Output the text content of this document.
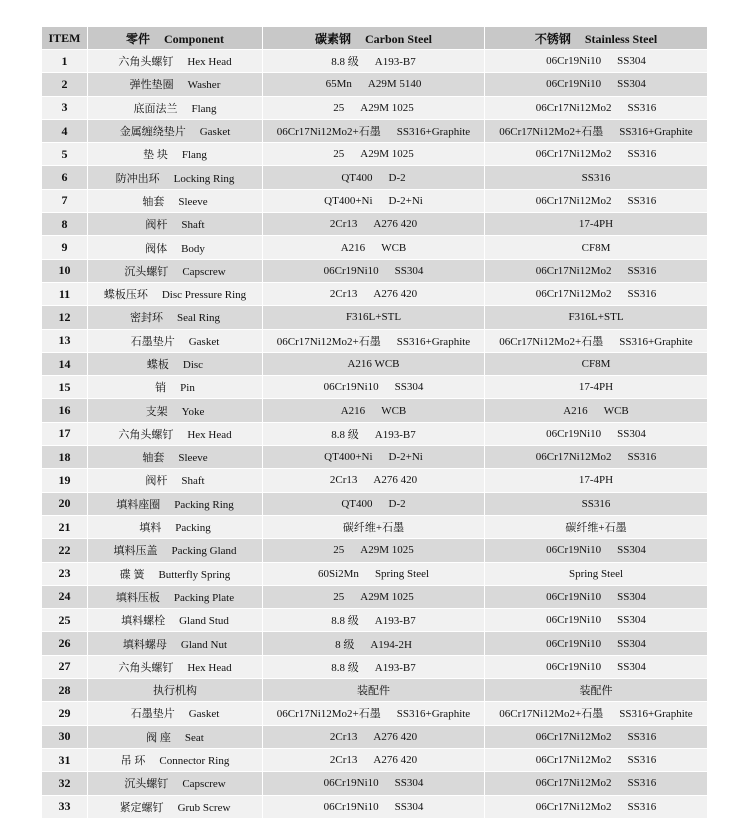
ITEM	零件 Component	碳素钢 Carbon Steel	不锈钢 Stainless Steel
1	六角头螺钉 Hex Head	8.8 级 A193-B7	06Cr19Ni10 SS304
2	弹性垫圈 Washer	65Mn A29M 5140	06Cr19Ni10 SS304
3	底面法兰 Flang	25 A29M 1025	06Cr17Ni12Mo2 SS316
4	金属缠绕垫片 Gasket	06Cr17Ni12Mo2+石墨 SS316+Graphite	06Cr17Ni12Mo2+石墨 SS316+Graphite
5	垫 块 Flang	25 A29M 1025	06Cr17Ni12Mo2 SS316
6	防冲出环 Locking Ring	QT400 D-2	SS316
7	轴套 Sleeve	QT400+Ni D-2+Ni	06Cr17Ni12Mo2 SS316
8	阀杆 Shaft	2Cr13 A276 420	17-4PH
9	阀体 Body	A216 WCB	CF8M
10	沉头螺钉 Capscrew	06Cr19Ni10 SS304	06Cr17Ni12Mo2 SS316
11	蝶板压环 Disc Pressure Ring	2Cr13 A276 420	06Cr17Ni12Mo2 SS316
12	密封环 Seal Ring	F316L+STL	F316L+STL
13	石墨垫片 Gasket	06Cr17Ni12Mo2+石墨 SS316+Graphite	06Cr17Ni12Mo2+石墨 SS316+Graphite
14	蝶板 Disc	A216 WCB	CF8M
15	销 Pin	06Cr19Ni10 SS304	17-4PH
16	支架 Yoke	A216 WCB	A216 WCB
17	六角头螺钉 Hex Head	8.8 级 A193-B7	06Cr19Ni10 SS304
18	轴套 Sleeve	QT400+Ni D-2+Ni	06Cr17Ni12Mo2 SS316
19	阀杆 Shaft	2Cr13 A276 420	17-4PH
20	填料座圈 Packing Ring	QT400 D-2	SS316
21	填料 Packing	碳纤维+石墨	碳纤维+石墨
22	填料压盖 Packing Gland	25 A29M 1025	06Cr19Ni10 SS304
23	碟 簧 Butterfly Spring	60Si2Mn Spring Steel	Spring Steel
24	填料压板 Packing Plate	25 A29M 1025	06Cr19Ni10 SS304
25	填料螺栓 Gland Stud	8.8 级 A193-B7	06Cr19Ni10 SS304
26	填料螺母 Gland Nut	8 级 A194-2H	06Cr19Ni10 SS304
27	六角头螺钉 Hex Head	8.8 级 A193-B7	06Cr19Ni10 SS304
28	执行机构	装配件	装配件
29	石墨垫片 Gasket	06Cr17Ni12Mo2+石墨 SS316+Graphite	06Cr17Ni12Mo2+石墨 SS316+Graphite
30	阀 座 Seat	2Cr13 A276 420	06Cr17Ni12Mo2 SS316
31	吊 环 Connector Ring	2Cr13 A276 420	06Cr17Ni12Mo2 SS316
32	沉头螺钉 Capscrew	06Cr19Ni10 SS304	06Cr17Ni12Mo2 SS316
33	紧定螺钉 Grub Screw	06Cr19Ni10 SS304	06Cr17Ni12Mo2 SS316
